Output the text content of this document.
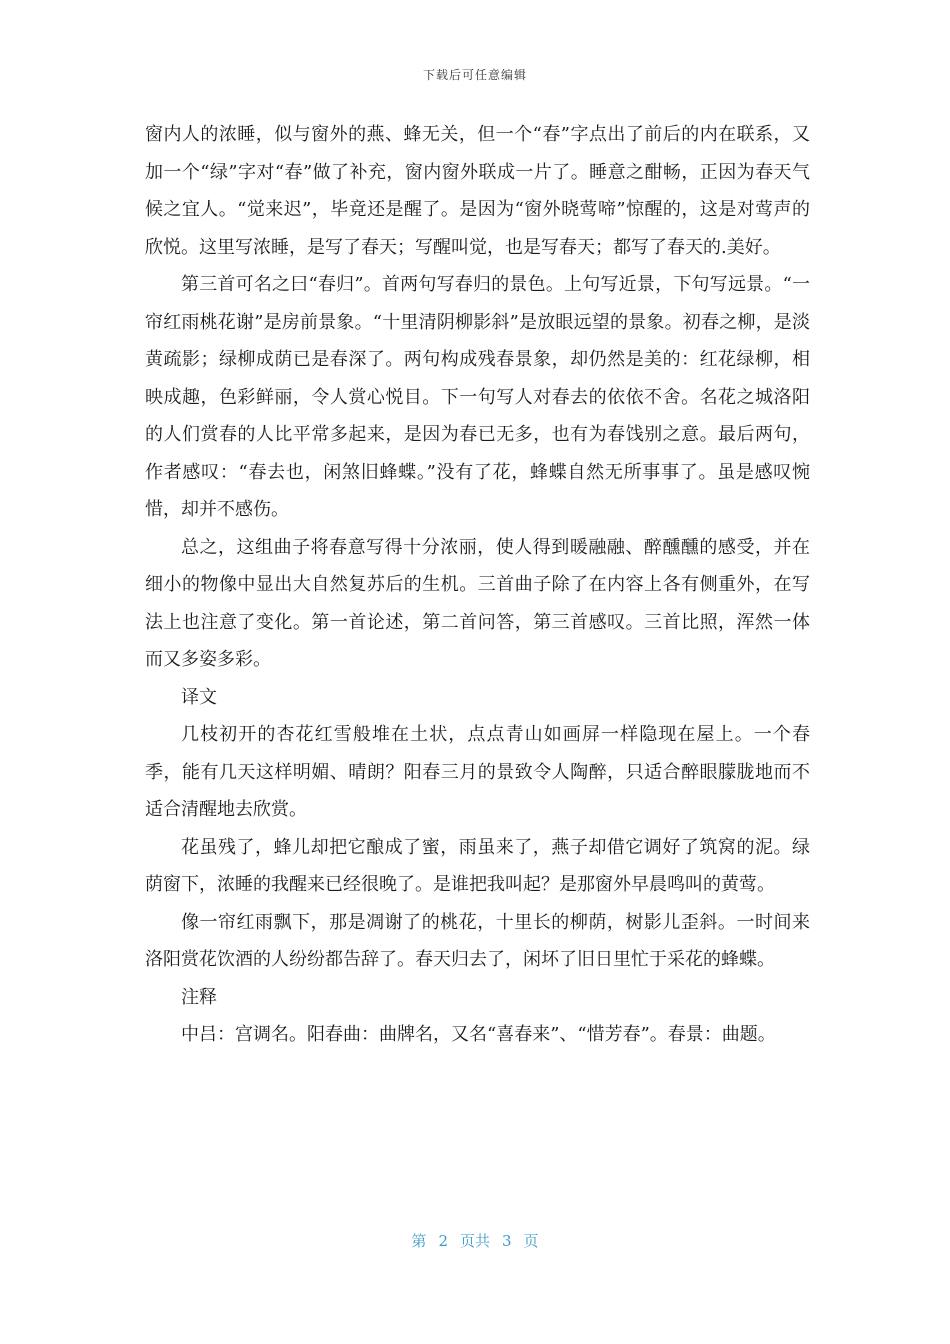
下载后可任意编辑

窗内人的浓睡，似与窗外的燕、蜂无关，但一个“春”字点出了前后的内在联系，又加一个“绿”字对“春”做了补充，窗内窗外联成一片了。睡意之酣畅，正因为春天气候之宜人。“觉来迟”，毕竟还是醒了。是因为“窗外晓莺啼”惊醒的，这是对莺声的欣悦。这里写浓睡，是写了春天；写醒叫觉，也是写春天；都写了春天的.美好。

第三首可名之曰“春归”。首两句写春归的景色。上句写近景，下句写远景。“一帘红雨桃花谢”是房前景象。“十里清阴柳影斜”是放眼远望的景象。初春之柳，是淡黄疏影；绿柳成荫已是春深了。两句构成残春景象，却仍然是美的：红花绿柳，相映成趣，色彩鲜丽，令人赏心悦目。下一句写人对春去的依依不舍。名花之城洛阳的人们赏春的人比平常多起来，是因为春已无多，也有为春饯别之意。最后两句，作者感叹：“春去也，闲煞旧蜂蝶。”没有了花，蜂蝶自然无所事事了。虽是感叹惋惜，却并不感伤。

总之，这组曲子将春意写得十分浓丽，使人得到暖融融、醉醺醺的感受，并在细小的物像中显出大自然复苏后的生机。三首曲子除了在内容上各有侧重外，在写法上也注意了变化。第一首论述，第二首问答，第三首感叹。三首比照，浑然一体而又多姿多彩。

译文

几枝初开的杏花红雪般堆在土状，点点青山如画屏一样隐现在屋上。一个春季，能有几天这样明媚、晴朗？阳春三月的景致令人陶醉，只适合醉眼朦胧地而不适合清醒地去欣赏。

花虽残了，蜂儿却把它酿成了蜜，雨虽来了，燕子却借它调好了筑窝的泥。绿荫窗下，浓睡的我醒来已经很晚了。是谁把我叫起？是那窗外早晨鸣叫的黄莺。

像一帘红雨飘下，那是凋谢了的桃花，十里长的柳荫，树影儿歪斜。一时间来洛阳赏花饮酒的人纷纷都告辞了。春天归去了，闲坏了旧日里忙于采花的蜂蝶。

注释

中吕：宫调名。阳春曲：曲牌名，又名“喜春来”、“惜芳春”。春景：曲题。

第 2 页共 3 页
